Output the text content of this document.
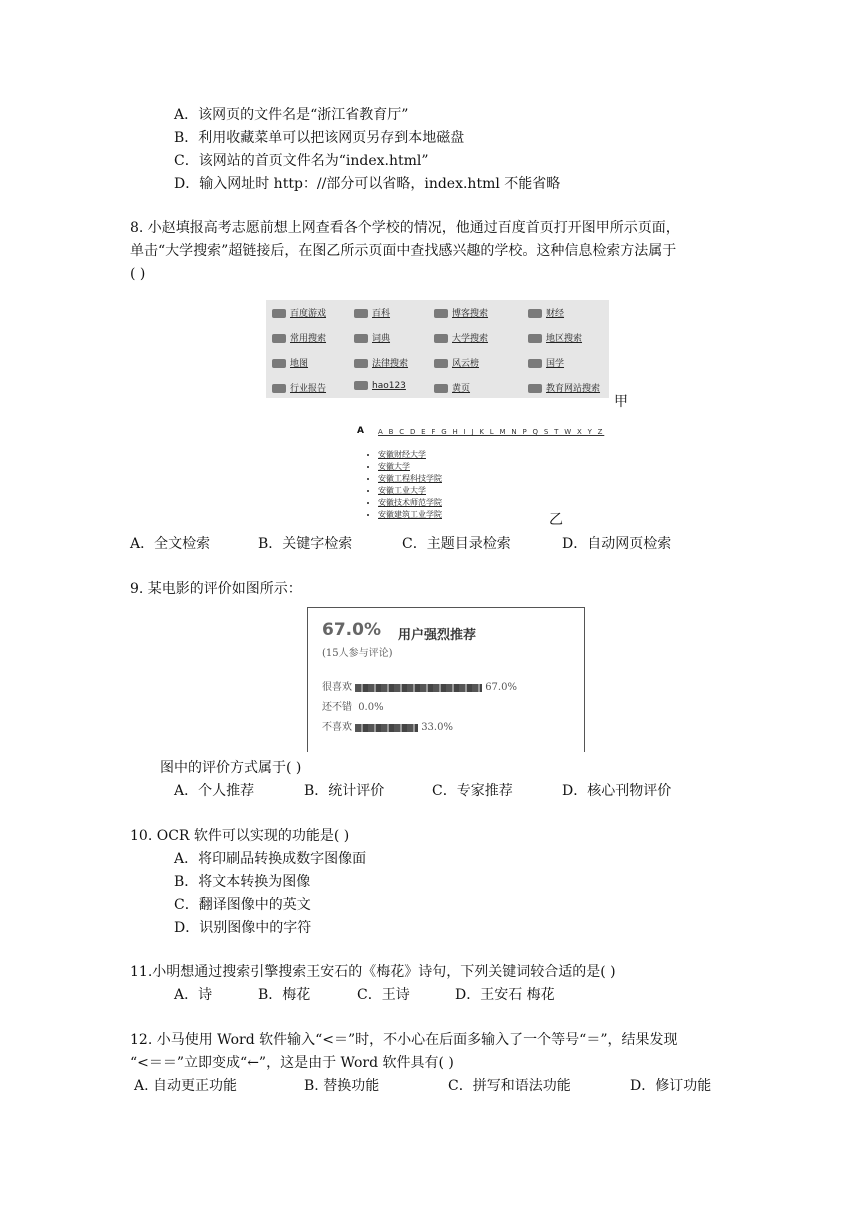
A．该网页的文件名是“浙江省教育厅”
B．利用收藏菜单可以把该网页另存到本地磁盘
C．该网站的首页文件名为“index.html”
D．输入网址时 http：//部分可以省略，index.html 不能省略
8. 小赵填报高考志愿前想上网查看各个学校的情况，他通过百度首页打开图甲所示页面，
单击“大学搜索”超链接后，在图乙所示页面中查找感兴趣的学校。这种信息检索方法属于
( )
百度游戏	百科	博客搜索	财经
常用搜索	词典	大学搜索	地区搜索
地图	法律搜索	风云榜	国学
行业报告	hao123	黄页	教育网站搜索
甲
A A B C D E F G H I J K L M N P Q S T W X Y Z
• 安徽财经大学
• 安徽大学
• 安徽工程科技学院
• 安徽工业大学
• 安徽技术师范学院
• 安徽建筑工业学院	乙
A．全文检索	B．关键字检索	C．主题目录检索	D．自动网页检索
9. 某电影的评价如图所示：
67.0% 用户强烈推荐
(15人参与评论)
很喜欢	67.0%
还不错 0.0%
不喜欢	33.0%
图中的评价方式属于( )
A．个人推荐	B．统计评价	C．专家推荐	D．核心刊物评价
10. OCR 软件可以实现的功能是( )
A．将印刷品转换成数字图像面
B．将文本转换为图像
C．翻译图像中的英文
D．识别图像中的字符
11.小明想通过搜索引擎搜索王安石的《梅花》诗句，下列关键词较合适的是( )
A．诗	B．梅花	C．王诗	D．王安石 梅花
12. 小马使用 Word 软件输入“<＝”时，不小心在后面多输入了一个等号“＝”，结果发现
“<＝＝”立即变成“←”，这是由于 Word 软件具有( )
A. 自动更正功能	B. 替换功能	C．拼写和语法功能	D．修订功能
